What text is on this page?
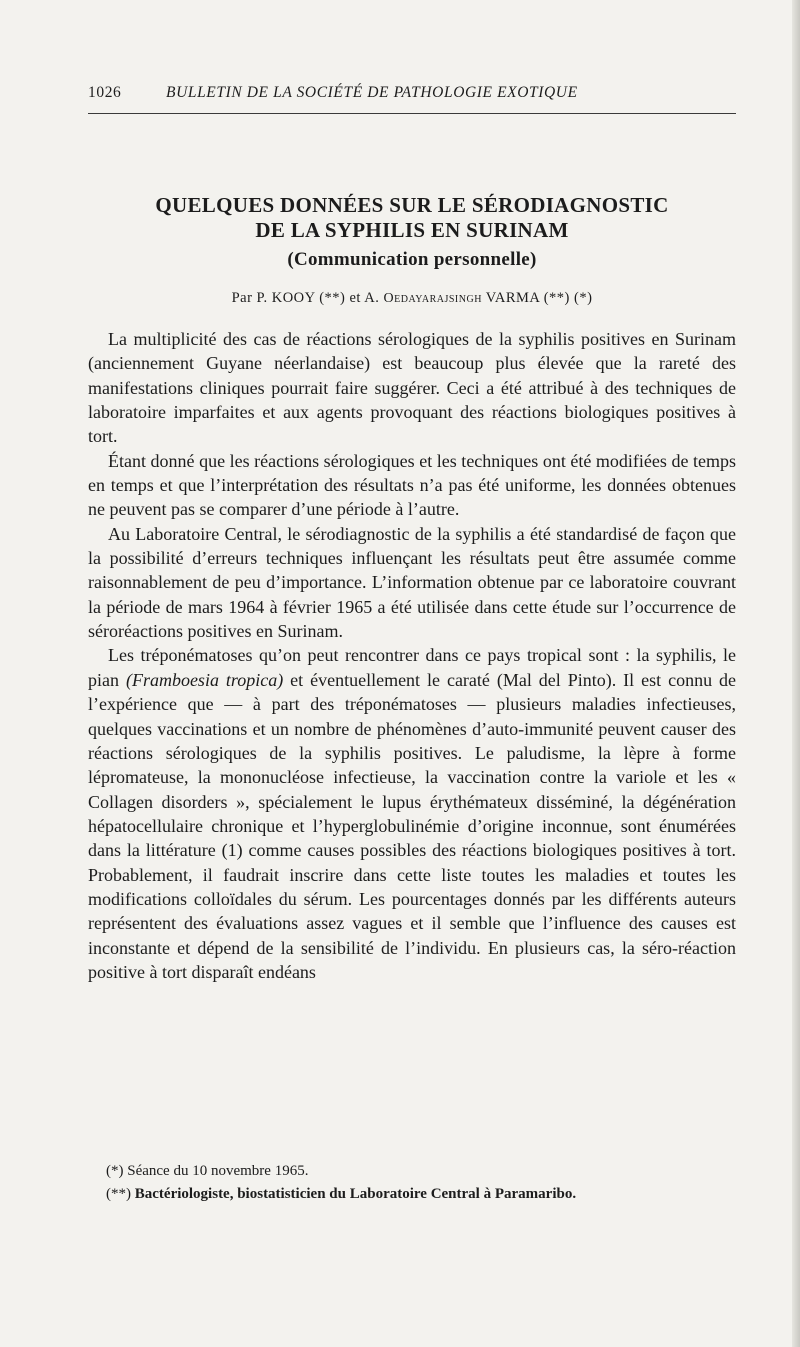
1026	BULLETIN DE LA SOCIÉTÉ DE PATHOLOGIE EXOTIQUE
QUELQUES DONNÉES SUR LE SÉRODIAGNOSTIC
DE LA SYPHILIS EN SURINAM
(Communication personnelle)
Par P. KOOY (**) et A. Oedayarajsingh VARMA (**) (*)

La multiplicité des cas de réactions sérologiques de la syphilis positives en Surinam (anciennement Guyane néerlandaise) est beaucoup plus élevée que la rareté des manifestations cliniques pourrait faire suggérer. Ceci a été attribué à des techniques de laboratoire imparfaites et aux agents provoquant des réactions biologiques positives à tort.

Étant donné que les réactions sérologiques et les techniques ont été modifiées de temps en temps et que l’interprétation des résultats n’a pas été uniforme, les données obtenues ne peuvent pas se comparer d’une période à l’autre.

Au Laboratoire Central, le sérodiagnostic de la syphilis a été standardisé de façon que la possibilité d’erreurs techniques influençant les résultats peut être assumée comme raisonnablement de peu d’importance. L’information obtenue par ce laboratoire couvrant la période de mars 1964 à février 1965 a été utilisée dans cette étude sur l’occurrence de séroréactions positives en Surinam.

Les tréponématoses qu’on peut rencontrer dans ce pays tropical sont : la syphilis, le pian (Framboesia tropica) et éventuellement le caraté (Mal del Pinto). Il est connu de l’expérience que — à part des tréponématoses — plusieurs maladies infectieuses, quelques vaccinations et un nombre de phénomènes d’auto-immunité peuvent causer des réactions sérologiques de la syphilis positives. Le paludisme, la lèpre à forme lépromateuse, la mononucléose infectieuse, la vaccination contre la variole et les « Collagen disorders », spécialement le lupus érythémateux disséminé, la dégénération hépatocellulaire chronique et l’hyperglobulinémie d’origine inconnue, sont énumérées dans la littérature (1) comme causes possibles des réactions biologiques positives à tort. Probablement, il faudrait inscrire dans cette liste toutes les maladies et toutes les modifications colloïdales du sérum. Les pourcentages donnés par les différents auteurs représentent des évaluations assez vagues et il semble que l’influence des causes est inconstante et dépend de la sensibilité de l’individu. En plusieurs cas, la séro-réaction positive à tort disparaît endéans

(*) Séance du 10 novembre 1965.

(**) Bactériologiste, biostatisticien du Laboratoire Central à Paramaribo.
